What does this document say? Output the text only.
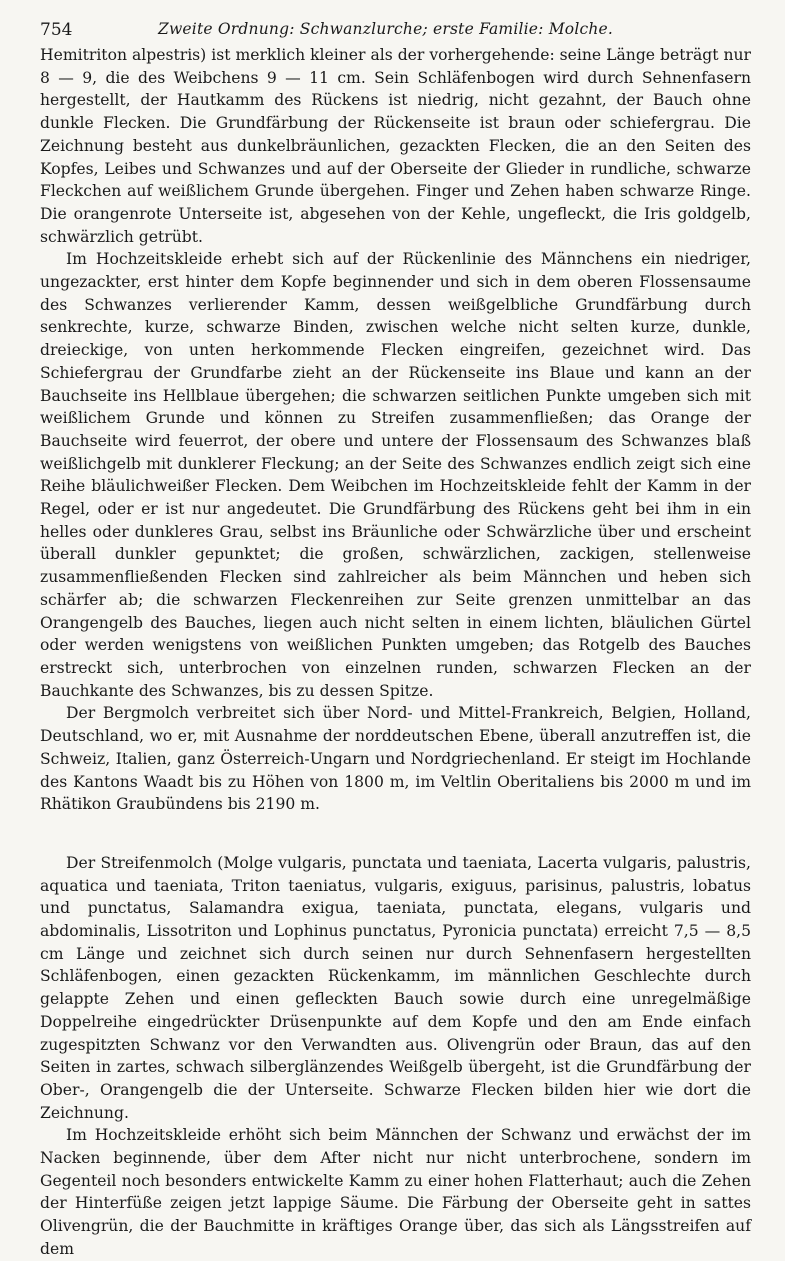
754	Zweite Ordnung: Schwanzlurche; erste Familie: Molche.

Hemitriton alpestris) ist merklich kleiner als der vorhergehende: seine Länge beträgt nur 8 — 9, die des Weibchens 9 — 11 cm. Sein Schläfenbogen wird durch Sehnenfasern hergestellt, der Hautkamm des Rückens ist niedrig, nicht gezahnt, der Bauch ohne dunkle Flecken. Die Grundfärbung der Rückenseite ist braun oder schiefergrau. Die Zeichnung besteht aus dunkelbräunlichen, gezackten Flecken, die an den Seiten des Kopfes, Leibes und Schwanzes und auf der Oberseite der Glieder in rundliche, schwarze Fleckchen auf weißlichem Grunde übergehen. Finger und Zehen haben schwarze Ringe. Die orangenrote Unterseite ist, abgesehen von der Kehle, ungefleckt, die Iris goldgelb, schwärzlich getrübt.

Im Hochzeitskleide erhebt sich auf der Rückenlinie des Männchens ein niedriger, ungezackter, erst hinter dem Kopfe beginnender und sich in dem oberen Flossensaume des Schwanzes verlierender Kamm, dessen weißgelbliche Grundfärbung durch senkrechte, kurze, schwarze Binden, zwischen welche nicht selten kurze, dunkle, dreieckige, von unten herkommende Flecken eingreifen, gezeichnet wird. Das Schiefergrau der Grundfarbe zieht an der Rückenseite ins Blaue und kann an der Bauchseite ins Hellblaue übergehen; die schwarzen seitlichen Punkte umgeben sich mit weißlichem Grunde und können zu Streifen zusammenfließen; das Orange der Bauchseite wird feuerrot, der obere und untere der Flossensaum des Schwanzes blaß weißlichgelb mit dunklerer Fleckung; an der Seite des Schwanzes endlich zeigt sich eine Reihe bläulichweißer Flecken. Dem Weibchen im Hochzeitskleide fehlt der Kamm in der Regel, oder er ist nur angedeutet. Die Grundfärbung des Rückens geht bei ihm in ein helles oder dunkleres Grau, selbst ins Bräunliche oder Schwärzliche über und erscheint überall dunkler gepunktet; die großen, schwärzlichen, zackigen, stellenweise zusammenfließenden Flecken sind zahlreicher als beim Männchen und heben sich schärfer ab; die schwarzen Fleckenreihen zur Seite grenzen unmittelbar an das Orangengelb des Bauches, liegen auch nicht selten in einem lichten, bläulichen Gürtel oder werden wenigstens von weißlichen Punkten umgeben; das Rotgelb des Bauches erstreckt sich, unterbrochen von einzelnen runden, schwarzen Flecken an der Bauchkante des Schwanzes, bis zu dessen Spitze.

Der Bergmolch verbreitet sich über Nord- und Mittel-Frankreich, Belgien, Holland, Deutschland, wo er, mit Ausnahme der norddeutschen Ebene, überall anzutreffen ist, die Schweiz, Italien, ganz Österreich-Ungarn und Nordgriechenland. Er steigt im Hochlande des Kantons Waadt bis zu Höhen von 1800 m, im Veltlin Oberitaliens bis 2000 m und im Rhätikon Graubündens bis 2190 m.

Der Streifenmolch (Molge vulgaris, punctata und taeniata, Lacerta vulgaris, palustris, aquatica und taeniata, Triton taeniatus, vulgaris, exiguus, parisinus, palustris, lobatus und punctatus, Salamandra exigua, taeniata, punctata, elegans, vulgaris und abdominalis, Lissotriton und Lophinus punctatus, Pyronicia punctata) erreicht 7,5 — 8,5 cm Länge und zeichnet sich durch seinen nur durch Sehnenfasern hergestellten Schläfenbogen, einen gezackten Rückenkamm, im männlichen Geschlechte durch gelappte Zehen und einen gefleckten Bauch sowie durch eine unregelmäßige Doppelreihe eingedrückter Drüsenpunkte auf dem Kopfe und den am Ende einfach zugespitzten Schwanz vor den Verwandten aus. Olivengrün oder Braun, das auf den Seiten in zartes, schwach silberglänzendes Weißgelb übergeht, ist die Grundfärbung der Ober-, Orangengelb die der Unterseite. Schwarze Flecken bilden hier wie dort die Zeichnung.

Im Hochzeitskleide erhöht sich beim Männchen der Schwanz und erwächst der im Nacken beginnende, über dem After nicht nur nicht unterbrochene, sondern im Gegenteil noch besonders entwickelte Kamm zu einer hohen Flatterhaut; auch die Zehen der Hinterfüße zeigen jetzt lappige Säume. Die Färbung der Oberseite geht in sattes Olivengrün, die der Bauchmitte in kräftiges Orange über, das sich als Längsstreifen auf dem
